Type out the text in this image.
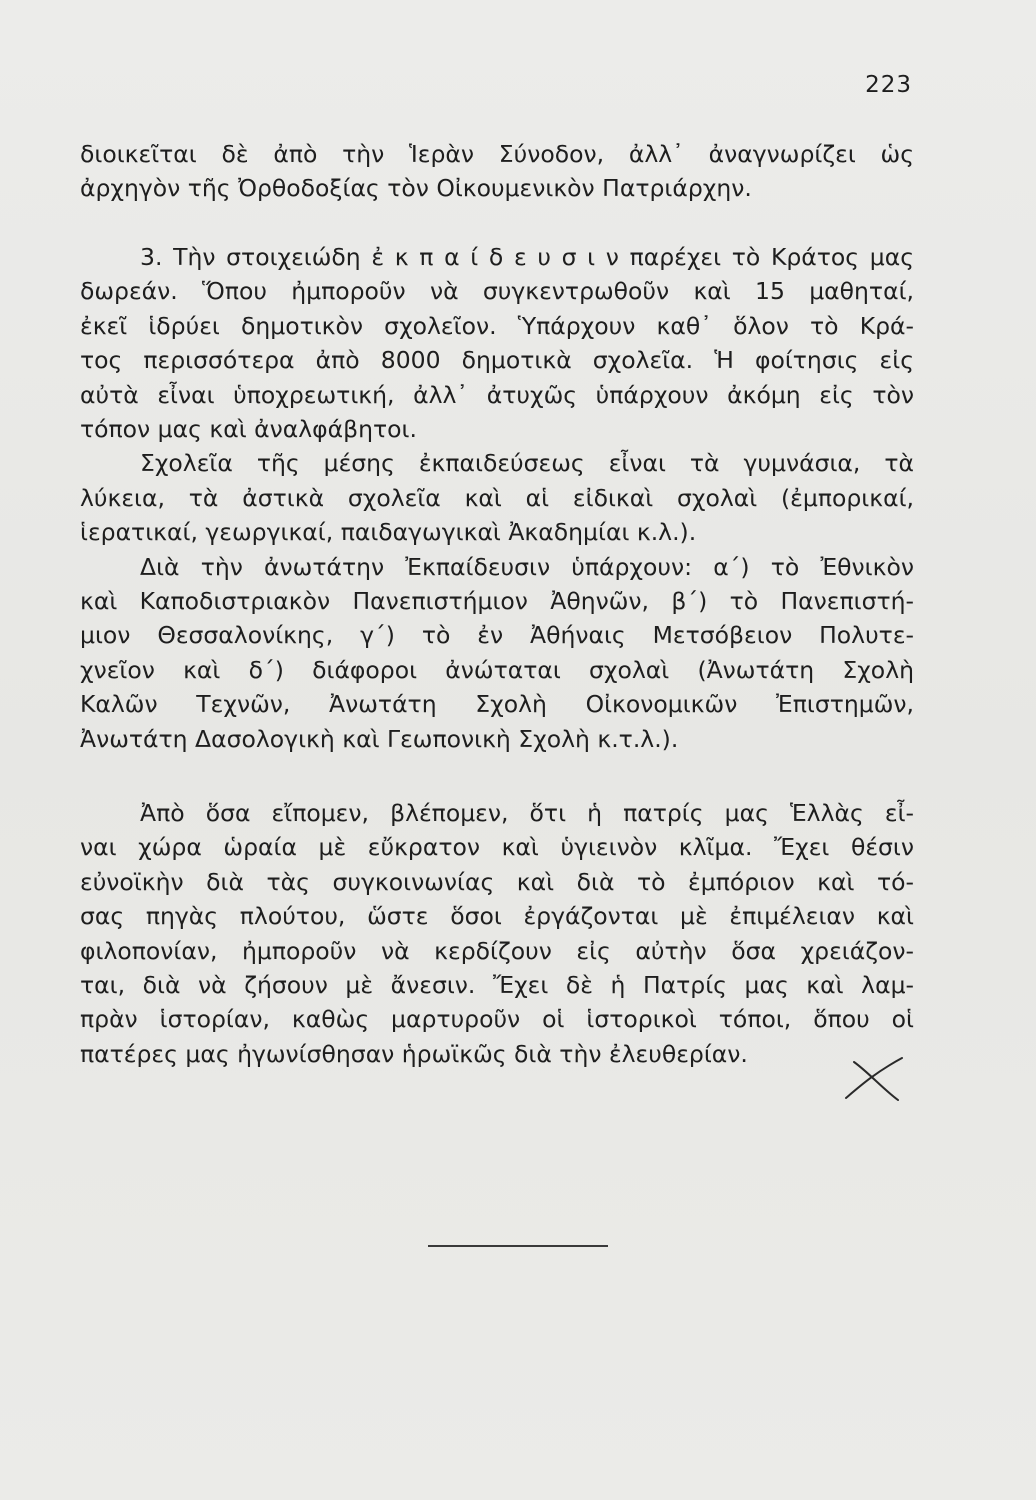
223
διοικεῖται δὲ ἀπὸ τὴν Ἱερὰν Σύνοδον, ἀλλ᾽ ἀναγνωρίζει ὡς
ἀρχηγὸν τῆς Ὀρθοδοξίας τὸν Οἰκουμενικὸν Πατριάρχην.
3. Τὴν στοιχειώδη ἐ κ π α ί δ ε υ σ ι ν παρέχει τὸ Κράτος μας
δωρεάν. Ὅπου ἠμποροῦν νὰ συγκεντρωθοῦν καὶ 15 μαθηταί,
ἐκεῖ ἱδρύει δημοτικὸν σχολεῖον. Ὑπάρχουν καθ᾽ ὅλον τὸ Κρά-
τος περισσότερα ἀπὸ 8000 δημοτικὰ σχολεῖα. Ἡ φοίτησις εἰς
αὐτὰ εἶναι ὑποχρεωτική, ἀλλ᾽ ἀτυχῶς ὑπάρχουν ἀκόμη εἰς τὸν
τόπον μας καὶ ἀναλφάβητοι.
Σχολεῖα τῆς μέσης ἐκπαιδεύσεως εἶναι τὰ γυμνάσια, τὰ
λύκεια, τὰ ἀστικὰ σχολεῖα καὶ αἱ εἰδικαὶ σχολαὶ (ἐμπορικαί,
ἱερατικαί, γεωργικαί, παιδαγωγικαὶ Ἀκαδημίαι κ.λ.).
Διὰ τὴν ἀνωτάτην Ἐκπαίδευσιν ὑπάρχουν: α΄) τὸ Ἐθνικὸν
καὶ Καποδιστριακὸν Πανεπιστήμιον Ἀθηνῶν, β΄) τὸ Πανεπιστή-
μιον Θεσσαλονίκης, γ΄) τὸ ἐν Ἀθήναις Μετσόβειον Πολυτε-
χνεῖον καὶ δ΄) διάφοροι ἀνώταται σχολαὶ (Ἀνωτάτη Σχολὴ
Καλῶν Τεχνῶν, Ἀνωτάτη Σχολὴ Οἰκονομικῶν Ἐπιστημῶν,
Ἀνωτάτη Δασολογικὴ καὶ Γεωπονικὴ Σχολὴ κ.τ.λ.).
Ἀπὸ ὅσα εἴπομεν, βλέπομεν, ὅτι ἡ πατρίς μας Ἑλλὰς εἶ-
ναι χώρα ὡραία μὲ εὔκρατον καὶ ὑγιεινὸν κλῖμα. Ἔχει θέσιν
εὐνοϊκὴν διὰ τὰς συγκοινωνίας καὶ διὰ τὸ ἐμπόριον καὶ τό-
σας πηγὰς πλούτου, ὥστε ὅσοι ἐργάζονται μὲ ἐπιμέλειαν καὶ
φιλοπονίαν, ἠμποροῦν νὰ κερδίζουν εἰς αὐτὴν ὅσα χρειάζον-
ται, διὰ νὰ ζήσουν μὲ ἄνεσιν. Ἔχει δὲ ἡ Πατρίς μας καὶ λαμ-
πρὰν ἱστορίαν, καθὼς μαρτυροῦν οἱ ἱστορικοὶ τόποι, ὅπου οἱ
πατέρες μας ἠγωνίσθησαν ἡρωϊκῶς διὰ τὴν ἐλευθερίαν.
